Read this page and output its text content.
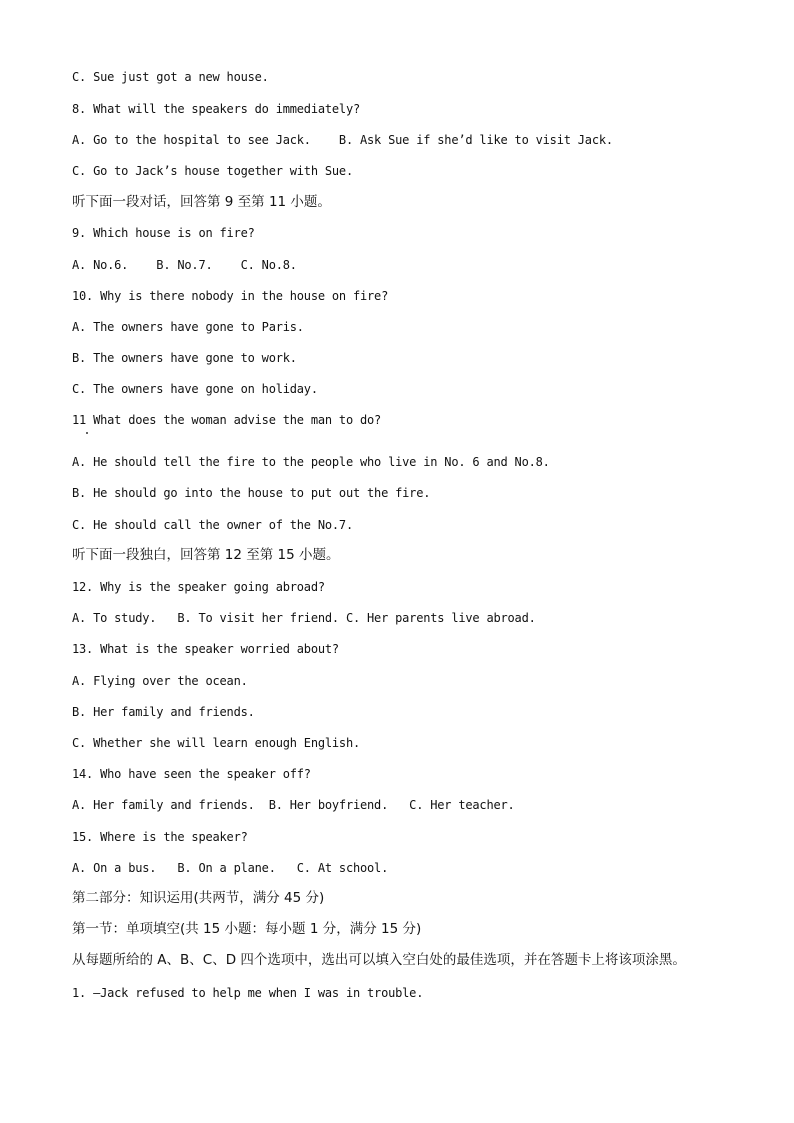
C. Sue just got a new house.
8. What will the speakers do immediately?
A. Go to the hospital to see Jack.    B. Ask Sue if she’d like to visit Jack.
C. Go to Jack’s house together with Sue.
听下面一段对话，回答第 9 至第 11 小题。
9. Which house is on fire?
A. No.6.    B. No.7.    C. No.8.
10. Why is there nobody in the house on fire?
A. The owners have gone to Paris.
B. The owners have gone to work.
C. The owners have gone on holiday.
11 What does the woman advise the man to do?
A. He should tell the fire to the people who live in No. 6 and No.8.
B. He should go into the house to put out the fire.
C. He should call the owner of the No.7.
听下面一段独白，回答第 12 至第 15 小题。
12. Why is the speaker going abroad?
A. To study.   B. To visit her friend. C. Her parents live abroad.
13. What is the speaker worried about?
A. Flying over the ocean.
B. Her family and friends.
C. Whether she will learn enough English.
14. Who have seen the speaker off?
A. Her family and friends.  B. Her boyfriend.   C. Her teacher.
15. Where is the speaker?
A. On a bus.   B. On a plane.   C. At school.
第二部分：知识运用(共两节，满分 45 分)
第一节：单项填空(共 15 小题：每小题 1 分，满分 15 分)
从每题所给的 A、B、C、D 四个选项中，选出可以填入空白处的最佳选项，并在答题卡上将该项涂黑。
1. —Jack refused to help me when I was in trouble.
